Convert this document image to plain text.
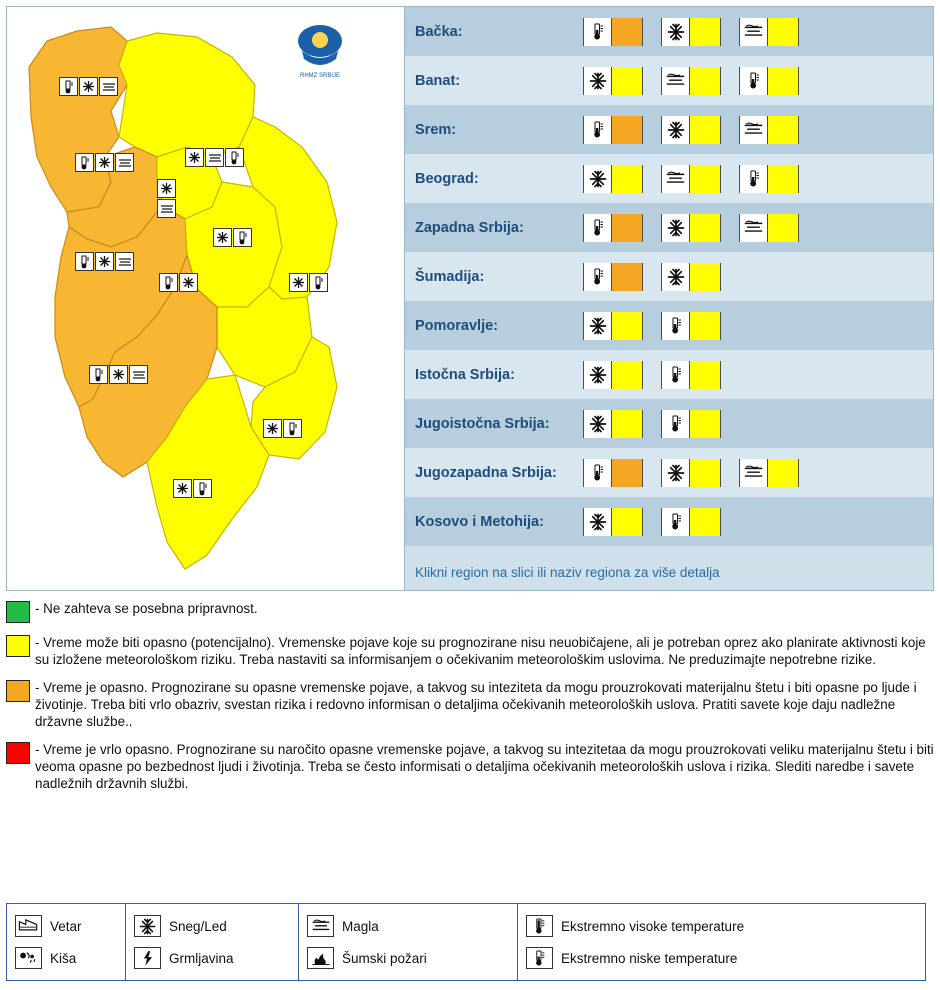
RHMZ SRBIJE
Bačka:
Banat:
Srem:
Beograd:
Zapadna Srbija:
Šumadija:
Pomoravlje:
Istočna Srbija:
Jugoistočna Srbija:
Jugozapadna Srbija:
Kosovo i Metohija:
Klikni region na slici ili naziv regiona za više detalja
- Ne zahteva se posebna pripravnost.
- Vreme može biti opasno (potencijalno). Vremenske pojave koje su prognozirane nisu neuobičajene, ali je potreban oprez ako planirate aktivnosti koje su izložene meteorološkom riziku. Treba nastaviti sa informisanjem o očekivanim meteorološkim uslovima. Ne preduzimajte nepotrebne rizike.
- Vreme je opasno. Prognozirane su opasne vremenske pojave, a takvog su inteziteta da mogu prouzrokovati materijalnu štetu i biti opasne po ljude i životinje. Treba biti vrlo obazriv, svestan rizika i redovno informisan o detaljima očekivanih meteoroloških uslova. Pratiti savete koje daju nadležne državne službe..
- Vreme je vrlo opasno. Prognozirane su naročito opasne vremenske pojave, a takvog su intezitetaa da mogu prouzrokovati veliku materijalnu štetu i biti veoma opasne po bezbednost ljudi i životinja. Treba se često informisati o detaljima očekivanih meteoroloških uslova i rizika. Slediti naredbe i savete nadležnih državnih službi.
Vetar
Kiša
Sneg/Led
Grmljavina
Magla
Šumski požari
Ekstremno visoke temperature
Ekstremno niske temperature
